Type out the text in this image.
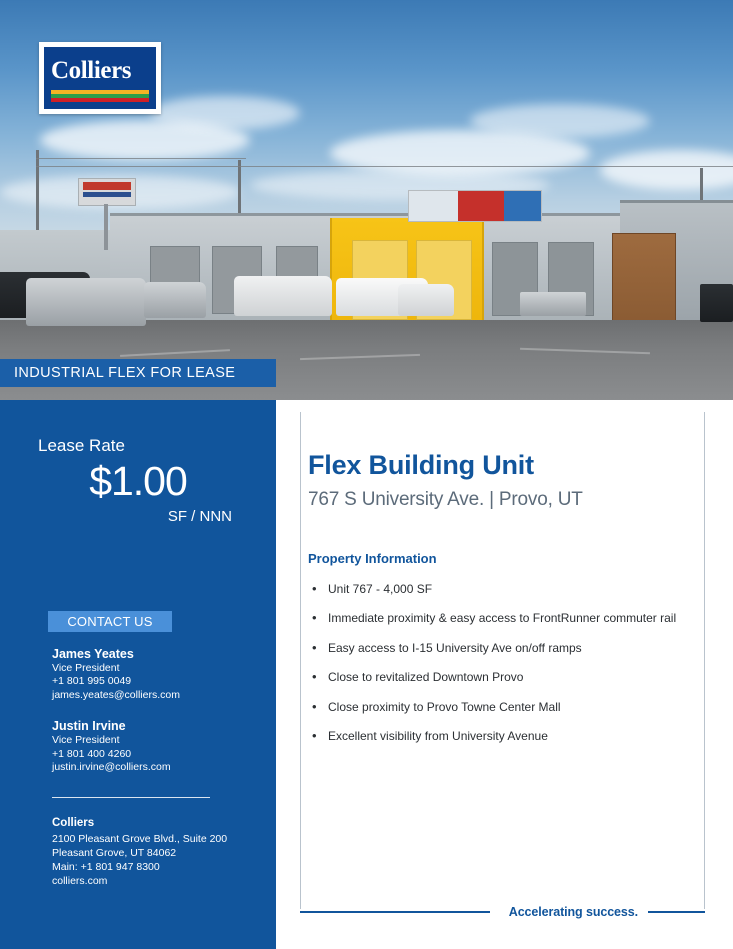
INDUSTRIAL FLEX FOR LEASE
Colliers
Lease Rate
$1.00
SF / NNN
CONTACT US
James Yeates
Vice President
+1 801 995 0049
james.yeates@colliers.com
Justin Irvine
Vice President
+1 801 400 4260
justin.irvine@colliers.com
Colliers
2100 Pleasant Grove Blvd., Suite 200
Pleasant Grove, UT 84062
Main: +1 801 947 8300
colliers.com
Flex Building Unit
767 S University Ave. | Provo, UT
Property Information
• Unit 767 - 4,000 SF
• Immediate proximity & easy access to FrontRunner commuter rail
• Easy access to I-15 University Ave on/off ramps
• Close to revitalized Downtown Provo
• Close proximity to Provo Towne Center Mall
• Excellent visibility from University Avenue
Accelerating success.
